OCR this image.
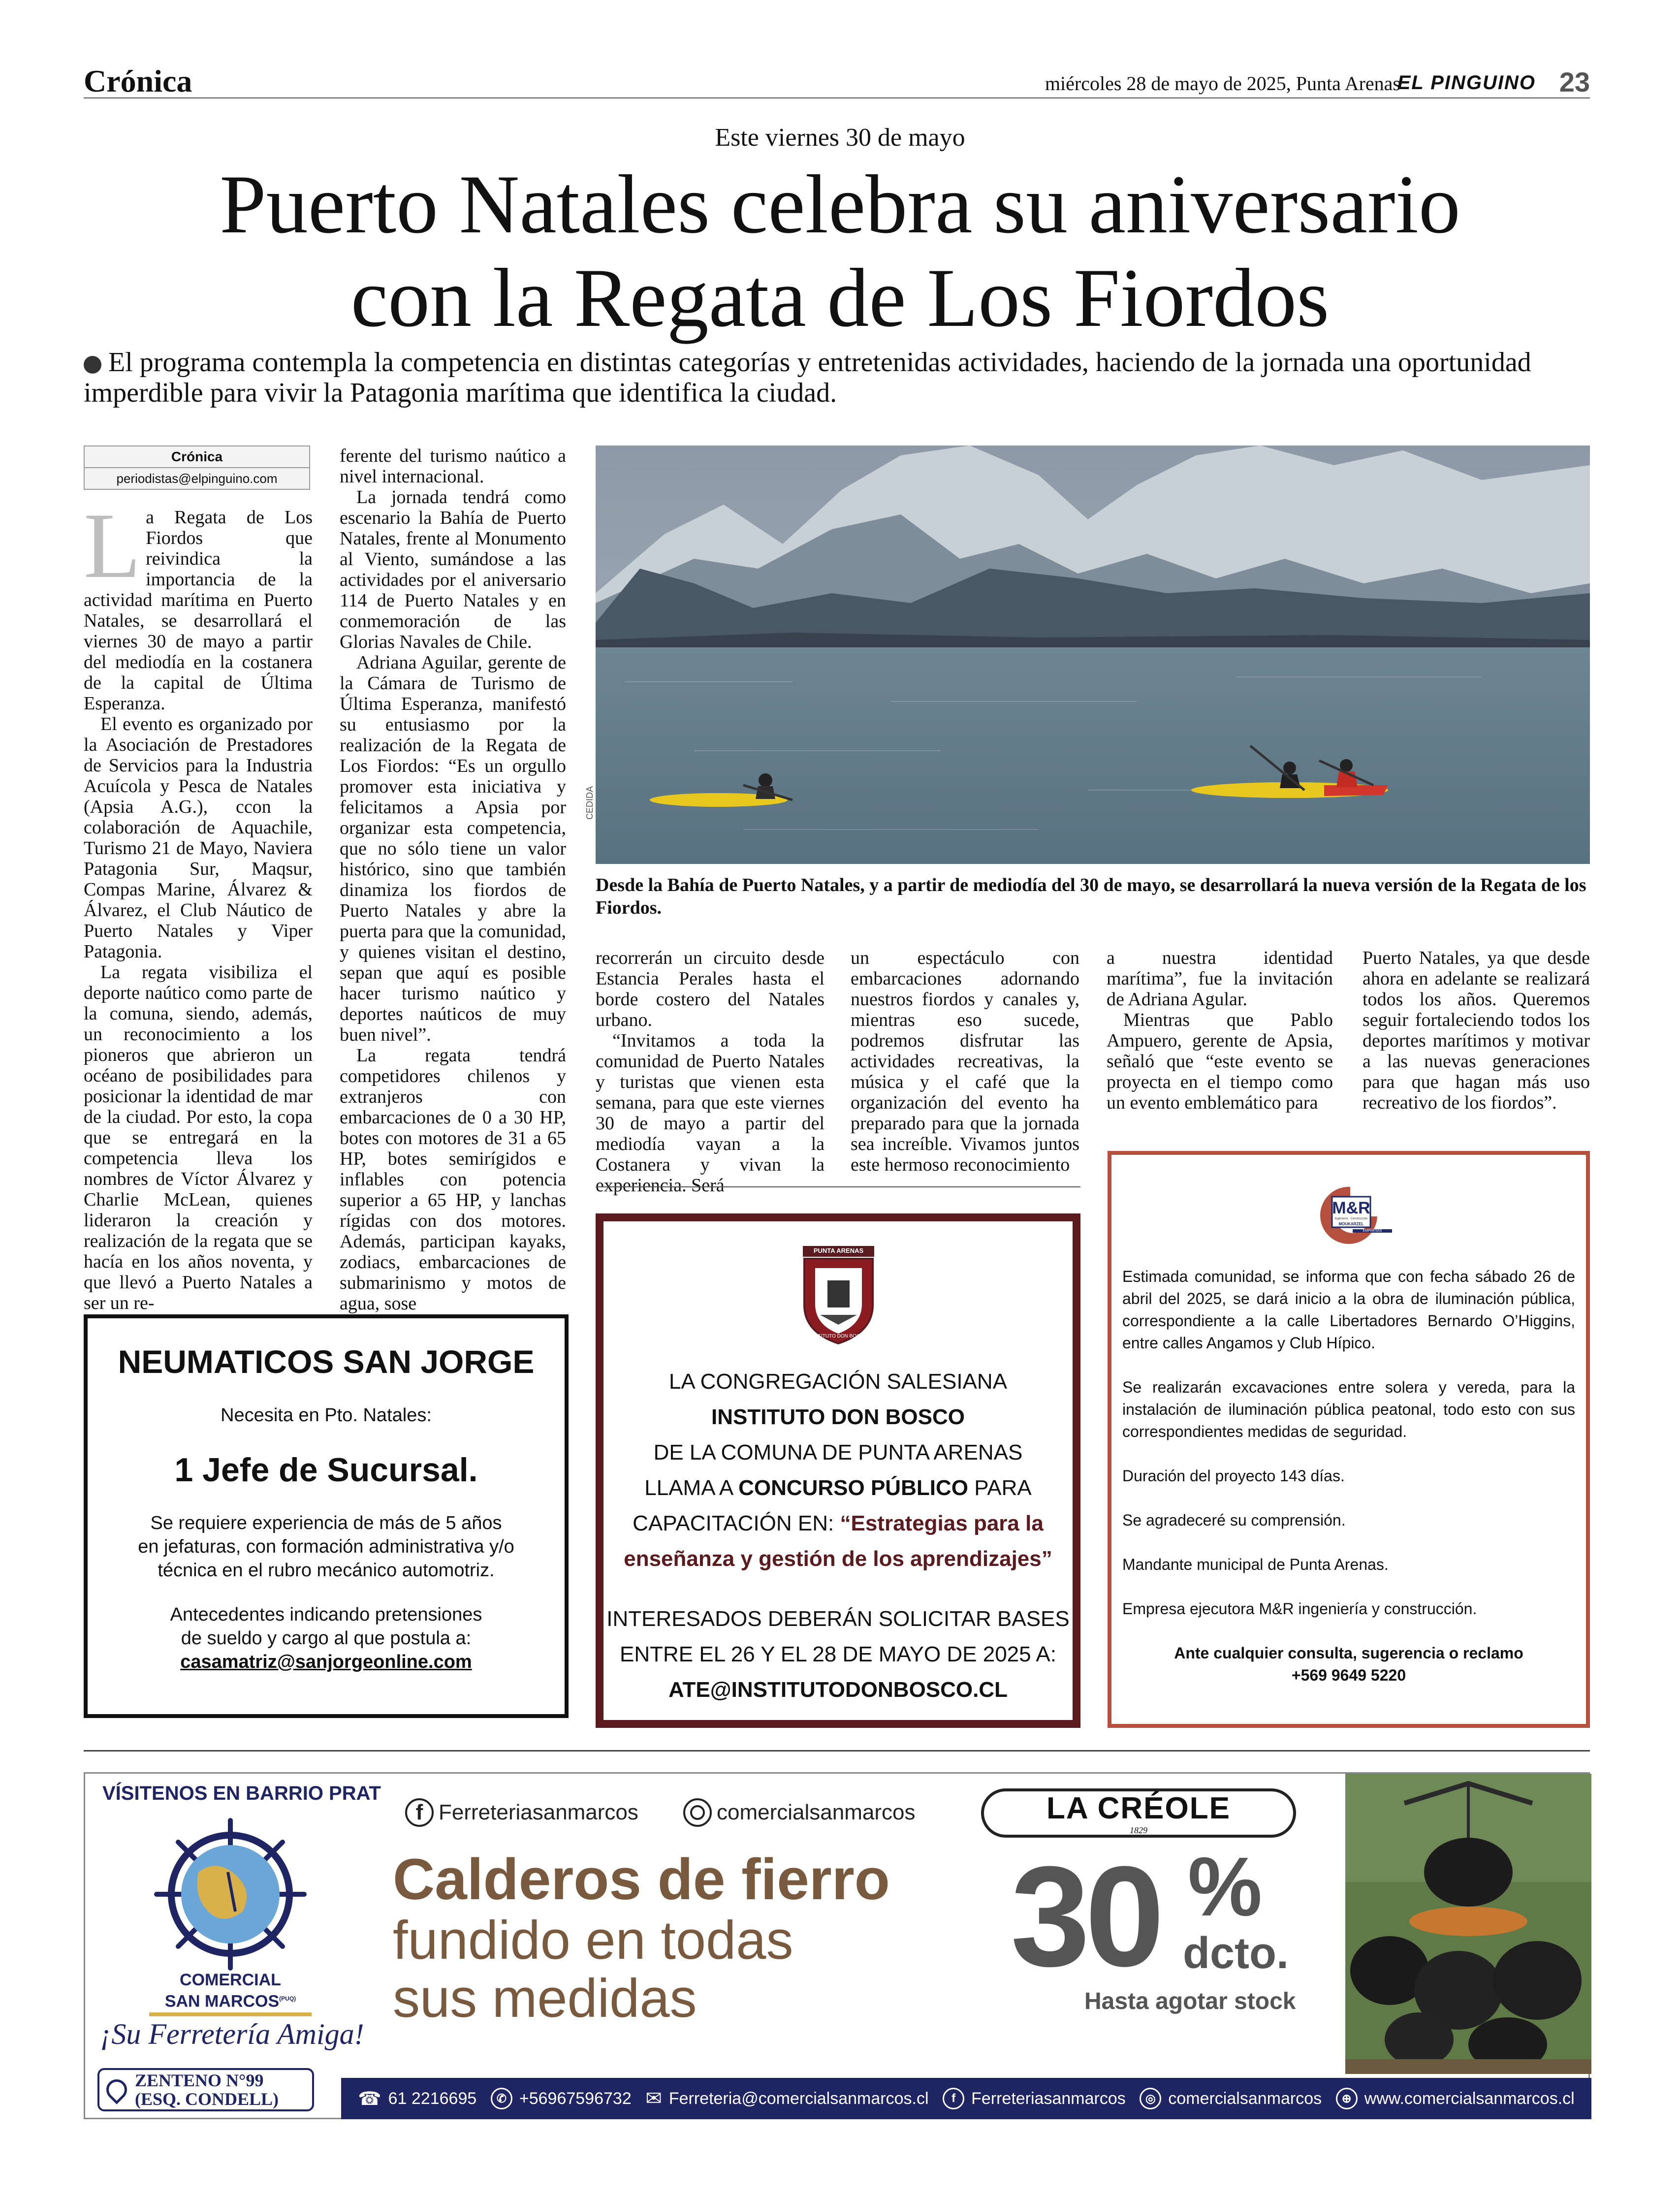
Crónica	miércoles 28 de mayo de 2025, Punta Arenas
EL PINGUINO 23
Este viernes 30 de mayo
Puerto Natales celebra su aniversario
con la Regata de Los Fiordos
El programa contempla la competencia en distintas categorías y entretenidas actividades, haciendo de la jornada una oportunidad imperdible para vivir la Patagonia marítima que identifica la ciudad.
Crónica
periodistas@elpinguino.com
L a Regata de Los Fiordos que reivindica la importancia de la actividad marítima en Puerto Natales, se desarrollará el viernes 30 de mayo a partir del mediodía en la costanera de la capital de Última Esperanza.

El evento es organizado por la Asociación de Prestadores de Servicios para la Industria Acuícola y Pesca de Natales (Apsia A.G.), ccon la colaboración de Aquachile, Turismo 21 de Mayo, Naviera Patagonia Sur, Maqsur, Compas Marine, Álvarez & Álvarez, el Club Náutico de Puerto Natales y Viper Patagonia.

La regata visibiliza el deporte naútico como parte de la comuna, siendo, además, un reconocimiento a los pioneros que abrieron un océano de posibilidades para posicionar la identidad de mar de la ciudad. Por esto, la copa que se entregará en la competencia lleva los nombres de Víctor Álvarez y Charlie McLean, quienes lideraron la creación y realización de la regata que se hacía en los años noventa, y que llevó a Puerto Natales a ser un re-

ferente del turismo naútico a nivel internacional.

La jornada tendrá como escenario la Bahía de Puerto Natales, frente al Monumento al Viento, sumándose a las actividades por el aniversario 114 de Puerto Natales y en conmemoración de las Glorias Navales de Chile.

Adriana Aguilar, gerente de la Cámara de Turismo de Última Esperanza, manifestó su entusiasmo por la realización de la Regata de Los Fiordos: “Es un orgullo promover esta iniciativa y felicitamos a Apsia por organizar esta competencia, que no sólo tiene un valor histórico, sino que también dinamiza los fiordos de Puerto Natales y abre la puerta para que la comunidad, y quienes visitan el destino, sepan que aquí es posible hacer turismo naútico y deportes naúticos de muy buen nivel”.

La regata tendrá competidores chilenos y extranjeros con embarcaciones de 0 a 30 HP, botes con motores de 31 a 65 HP, botes semirígidos e inflables con potencia superior a 65 HP, y lanchas rígidas con dos motores. Además, participan kayaks, zodiacs, embarcaciones de submarinismo y motos de agua, sose

CEDIDA
Desde la Bahía de Puerto Natales, y a partir de mediodía del 30 de mayo, se desarrollará la nueva versión de la Regata de los Fiordos.

recorrerán un circuito desde Estancia Perales hasta el borde costero del Natales urbano.

“Invitamos a toda la comunidad de Puerto Natales y turistas que vienen esta semana, para que este viernes 30 de mayo a partir del mediodía vayan a la Costanera y vivan la experiencia. Será

un espectáculo con embarcaciones adornando nuestros fiordos y canales y, mientras eso sucede, podremos disfrutar las actividades recreativas, la música y el café que la organización del evento ha preparado para que la jornada sea increíble. Vivamos juntos este hermoso reconocimiento

a nuestra identidad marítima”, fue la invitación de Adriana Agular.

Mientras que Pablo Ampuero, gerente de Apsia, señaló que “este evento se proyecta en el tiempo como un evento emblemático para

Puerto Natales, ya que desde ahora en adelante se realizará todos los años. Queremos seguir fortaleciendo todos los deportes marítimos y motivar a las nuevas generaciones para que hagan más uso recreativo de los fiordos”.

NEUMATICOS SAN JORGE
Necesita en Pto. Natales:
1 Jefe de Sucursal.
Se requiere experiencia de más de 5 años
en jefaturas, con formación administrativa y/o
técnica en el rubro mecánico automotriz.
Antecedentes indicando pretensiones
de sueldo y cargo al que postula a:
casamatriz@sanjorgeonline.com
PUNTA ARENAS
INSTITUTO DON BOSCO
LA CONGREGACIÓN SALESIANA
INSTITUTO DON BOSCO
DE LA COMUNA DE PUNTA ARENAS
LLAMA A CONCURSO PÚBLICO PARA
CAPACITACIÓN EN: “Estrategias para la
enseñanza y gestión de los aprendizajes”
INTERESADOS DEBERÁN SOLICITAR BASES
ENTRE EL 26 Y EL 28 DE MAYO DE 2025 A:
ATE@INSTITUTODONBOSCO.CL
M&R
Ingeniería · Construcción
MOUKARZEL
EMPRESAS

Estimada comunidad, se informa que con fecha sábado 26 de abril del 2025, se dará inicio a la obra de iluminación pública, correspondiente a la calle Libertadores Bernardo O’Higgins, entre calles Angamos y Club Hípico.

Se realizarán excavaciones entre solera y vereda, para la instalación de iluminación pública peatonal, todo esto con sus correspondientes medidas de seguridad.

Duración del proyecto 143 días.

Se agradeceré su comprensión.

Mandante municipal de Punta Arenas.

Empresa ejecutora M&R ingeniería y construcción.

Ante cualquier consulta, sugerencia o reclamo

+569 9649 5220

VÍSITENOS EN BARRIO PRAT
COMERCIAL
SAN $MARCOS^{(PUQ)}$
¡Su Ferretería Amiga!
ZENTENO N°99
(ESQ. CONDELL)
f Ferreteriasanmarcos	comercialsanmarcos	LA CRÉOLE
1829
Calderos de fierro
fundido en todas
sus medidas
30 %
dcto.
Hasta agotar stock
☎ 61 2216695	✆ +56967596732 ✉ Ferreteria@comercialsanmarcos.cl	f Ferreteriasanmarcos	◎ comercialsanmarcos	⊕ www.comercialsanmarcos.cl
